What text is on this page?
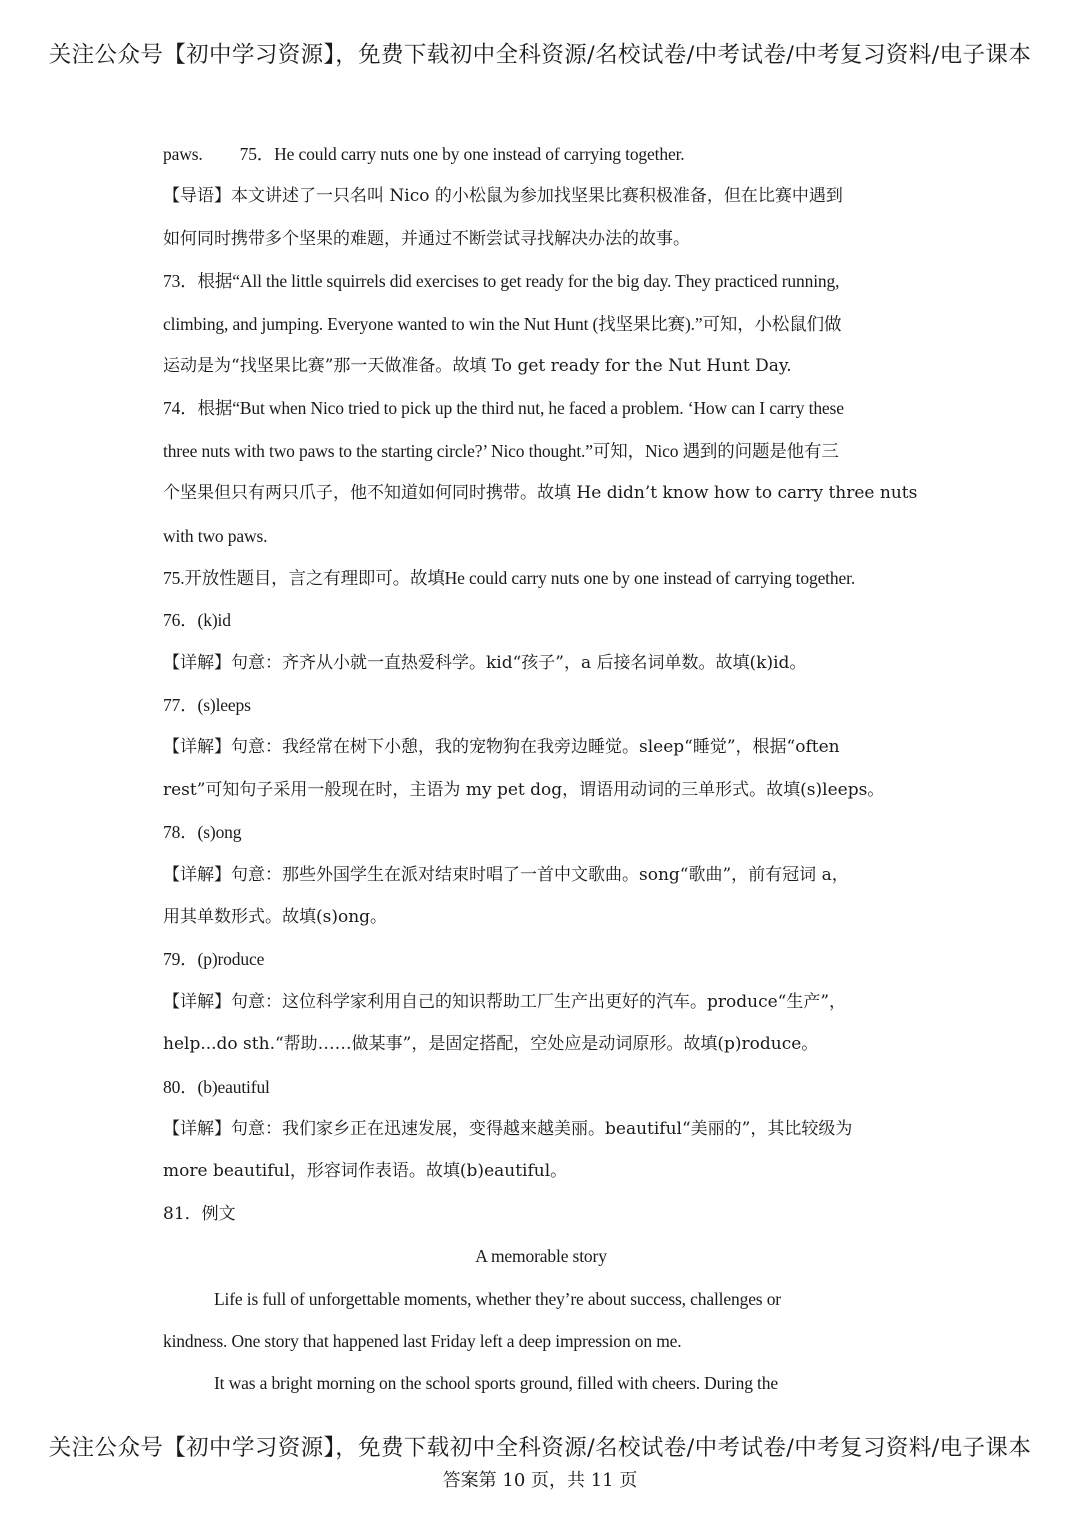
关注公众号【初中学习资源】，免费下载初中全科资源/名校试卷/中考试卷/中考复习资料/电子课本
paws. 75．He could carry nuts one by one instead of carrying together.
【导语】本文讲述了一只名叫 Nico 的小松鼠为参加找坚果比赛积极准备，但在比赛中遇到
如何同时携带多个坚果的难题，并通过不断尝试寻找解决办法的故事。
73．根据“All the little squirrels did exercises to get ready for the big day. They practiced running,
climbing, and jumping. Everyone wanted to win the Nut Hunt (找坚果比赛).”可知，小松鼠们做
运动是为“找坚果比赛”那一天做准备。故填 To get ready for the Nut Hunt Day.
74．根据“But when Nico tried to pick up the third nut, he faced a problem. ‘How can I carry these
three nuts with two paws to the starting circle?’ Nico thought.”可知，Nico 遇到的问题是他有三
个坚果但只有两只爪子，他不知道如何同时携带。故填 He didn’t know how to carry three nuts
with two paws.
75.开放性题目，言之有理即可。故填He could carry nuts one by one instead of carrying together.
76．(k)id
【详解】句意：齐齐从小就一直热爱科学。kid“孩子”，a 后接名词单数。故填(k)id。
77．(s)leeps
【详解】句意：我经常在树下小憩，我的宠物狗在我旁边睡觉。sleep“睡觉”，根据“often
rest”可知句子采用一般现在时，主语为 my pet dog，谓语用动词的三单形式。故填(s)leeps。
78．(s)ong
【详解】句意：那些外国学生在派对结束时唱了一首中文歌曲。song“歌曲”，前有冠词 a，
用其单数形式。故填(s)ong。
79．(p)roduce
【详解】句意：这位科学家利用自己的知识帮助工厂生产出更好的汽车。produce“生产”，
help...do sth.“帮助……做某事”，是固定搭配，空处应是动词原形。故填(p)roduce。
80．(b)eautiful
【详解】句意：我们家乡正在迅速发展，变得越来越美丽。beautiful“美丽的”，其比较级为
more beautiful，形容词作表语。故填(b)eautiful。
81．例文
A memorable story
Life is full of unforgettable moments, whether they’re about success, challenges or
kindness. One story that happened last Friday left a deep impression on me.
It was a bright morning on the school sports ground, filled with cheers. During the
关注公众号【初中学习资源】，免费下载初中全科资源/名校试卷/中考试卷/中考复习资料/电子课本
答案第 10 页，共 11 页
